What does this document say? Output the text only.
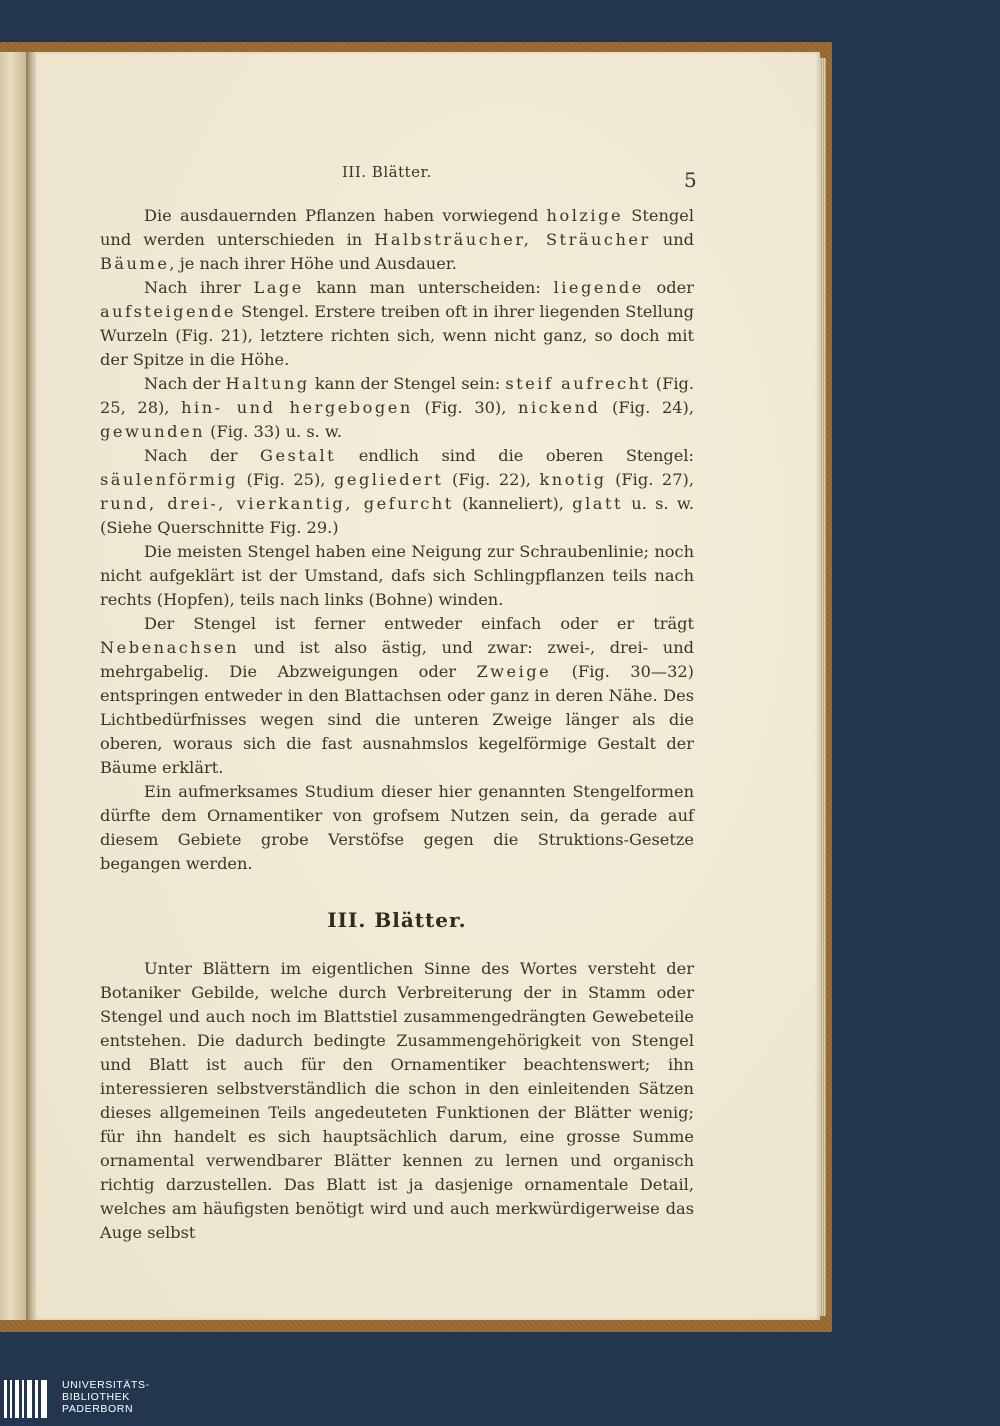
III. Blätter.	5

Die ausdauernden Pflanzen haben vorwiegend holzige Stengel und werden unterschieden in Halbsträucher, Sträucher und Bäume, je nach ihrer Höhe und Ausdauer.

Nach ihrer Lage kann man unterscheiden: liegende oder aufsteigende Stengel. Erstere treiben oft in ihrer liegenden Stellung Wurzeln (Fig. 21), letztere richten sich, wenn nicht ganz, so doch mit der Spitze in die Höhe.

Nach der Haltung kann der Stengel sein: steif aufrecht (Fig. 25, 28), hin- und hergebogen (Fig. 30), nickend (Fig. 24), gewunden (Fig. 33) u. s. w.

Nach der Gestalt endlich sind die oberen Stengel: säulenförmig (Fig. 25), gegliedert (Fig. 22), knotig (Fig. 27), rund, drei-, vierkantig, gefurcht (kanneliert), glatt u. s. w. (Siehe Querschnitte Fig. 29.)

Die meisten Stengel haben eine Neigung zur Schraubenlinie; noch nicht aufgeklärt ist der Umstand, dafs sich Schlingpflanzen teils nach rechts (Hopfen), teils nach links (Bohne) winden.

Der Stengel ist ferner entweder einfach oder er trägt Nebenachsen und ist also ästig, und zwar: zwei-, drei- und mehrgabelig. Die Abzweigungen oder Zweige (Fig. 30—32) entspringen entweder in den Blattachsen oder ganz in deren Nähe. Des Lichtbedürfnisses wegen sind die unteren Zweige länger als die oberen, woraus sich die fast ausnahmslos kegelförmige Gestalt der Bäume erklärt.

Ein aufmerksames Studium dieser hier genannten Stengelformen dürfte dem Ornamentiker von grofsem Nutzen sein, da gerade auf diesem Gebiete grobe Verstöfse gegen die Struktions-Gesetze begangen werden.

III. Blätter.

Unter Blättern im eigentlichen Sinne des Wortes versteht der Botaniker Gebilde, welche durch Verbreiterung der in Stamm oder Stengel und auch noch im Blattstiel zusammengedrängten Gewebeteile entstehen. Die dadurch bedingte Zusammengehörigkeit von Stengel und Blatt ist auch für den Ornamentiker beachtenswert; ihn interessieren selbstverständlich die schon in den einleitenden Sätzen dieses allgemeinen Teils angedeuteten Funktionen der Blätter wenig; für ihn handelt es sich hauptsächlich darum, eine grosse Summe ornamental verwendbarer Blätter kennen zu lernen und organisch richtig darzustellen. Das Blatt ist ja dasjenige ornamentale Detail, welches am häufigsten benötigt wird und auch merkwürdigerweise das Auge selbst

UNIVERSITÄTS-
BIBLIOTHEK
PADERBORN
